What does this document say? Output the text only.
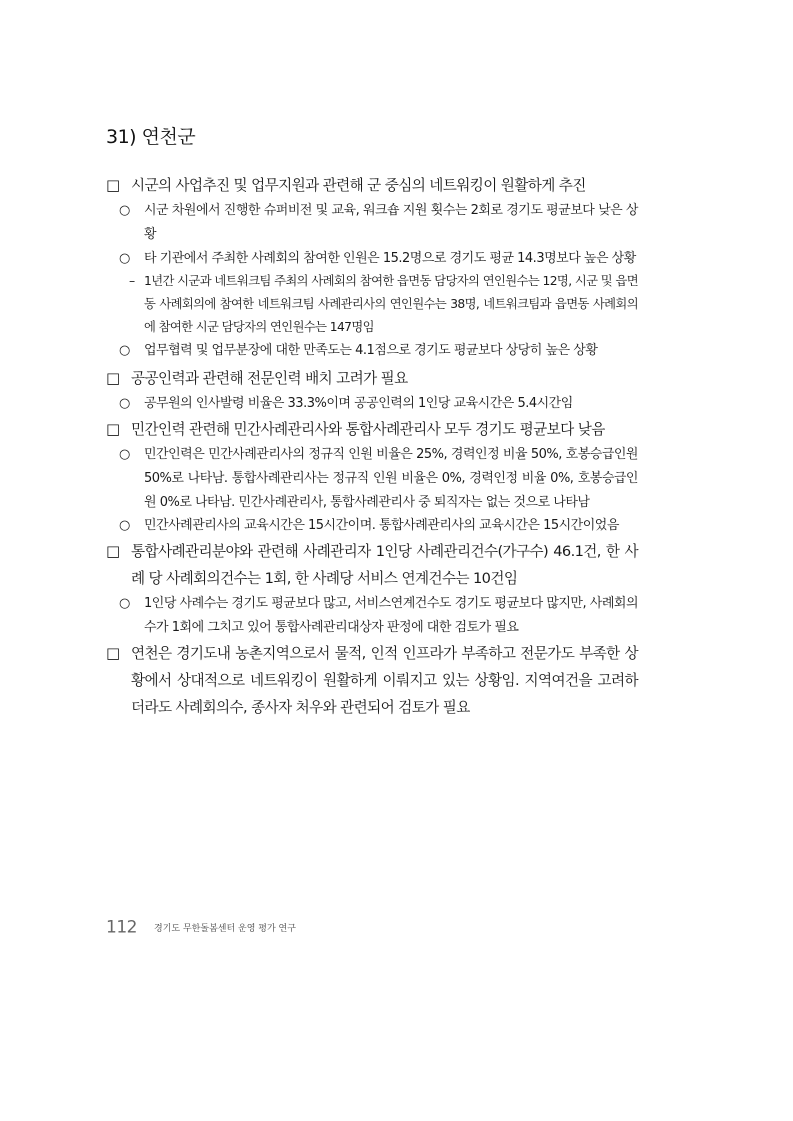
31) 연천군
□ 시군의 사업추진 및 업무지원과 관련해 군 중심의 네트워킹이 원활하게 추진
○ 시군 차원에서 진행한 슈퍼비전 및 교육, 워크숍 지원 횟수는 2회로 경기도 평균보다 낮은 상황
○ 타 기관에서 주최한 사례회의 참여한 인원은 15.2명으로 경기도 평균 14.3명보다 높은 상황
– 1년간 시군과 네트워크팀 주최의 사례회의 참여한 읍면동 담당자의 연인원수는 12명, 시군 및 읍면동 사례회의에 참여한 네트워크팀 사례관리사의 연인원수는 38명, 네트워크팀과 읍면동 사례회의에 참여한 시군 담당자의 연인원수는 147명임
○ 업무협력 및 업무분장에 대한 만족도는 4.1점으로 경기도 평균보다 상당히 높은 상황
□ 공공인력과 관련해 전문인력 배치 고려가 필요
○ 공무원의 인사발령 비율은 33.3%이며 공공인력의 1인당 교육시간은 5.4시간임
□ 민간인력 관련해 민간사례관리사와 통합사례관리사 모두 경기도 평균보다 낮음
○ 민간인력은 민간사례관리사의 정규직 인원 비율은 25%, 경력인정 비율 50%, 호봉승급인원 50%로 나타남. 통합사례관리사는 정규직 인원 비율은 0%, 경력인정 비율 0%, 호봉승급인원 0%로 나타남. 민간사례관리사, 통합사례관리사 중 퇴직자는 없는 것으로 나타남
○ 민간사례관리사의 교육시간은 15시간이며. 통합사례관리사의 교육시간은 15시간이었음
□ 통합사례관리분야와 관련해 사례관리자 1인당 사례관리건수(가구수) 46.1건, 한 사례 당 사례회의건수는 1회, 한 사례당 서비스 연계건수는 10건임
○ 1인당 사례수는 경기도 평균보다 많고, 서비스연계건수도 경기도 평균보다 많지만, 사례회의수가 1회에 그치고 있어 통합사례관리대상자 판정에 대한 검토가 필요
□ 연천은 경기도내 농촌지역으로서 물적, 인적 인프라가 부족하고 전문가도 부족한 상황에서 상대적으로 네트워킹이 원활하게 이뤄지고 있는 상황임. 지역여건을 고려하더라도 사례회의수, 종사자 처우와 관련되어 검토가 필요
112 경기도 무한돌봄센터 운영 평가 연구
